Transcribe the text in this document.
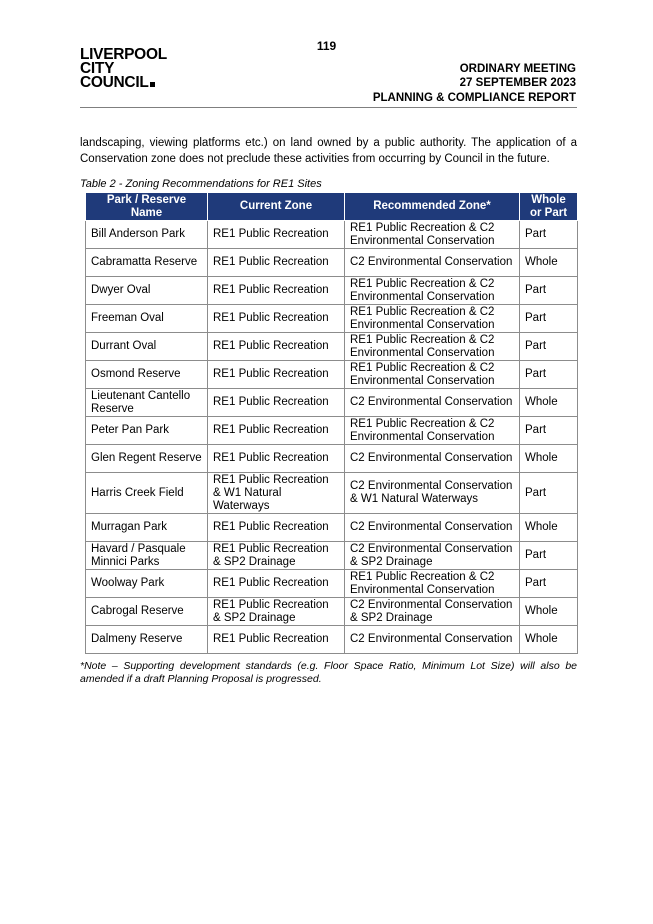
119
LIVERPOOL
CITY
COUNCIL
ORDINARY MEETING
27 SEPTEMBER 2023
PLANNING & COMPLIANCE REPORT
landscaping, viewing platforms etc.) on land owned by a public authority. The application of a Conservation zone does not preclude these activities from occurring by Council in the future.
Table 2 - Zoning Recommendations for RE1 Sites
Park / Reserve Name	Current Zone	Recommended Zone*	Whole or Part
Bill Anderson Park	RE1 Public Recreation	RE1 Public Recreation & C2 Environmental Conservation	Part
Cabramatta Reserve	RE1 Public Recreation	C2 Environmental Conservation	Whole
Dwyer Oval	RE1 Public Recreation	RE1 Public Recreation & C2 Environmental Conservation	Part
Freeman Oval	RE1 Public Recreation	RE1 Public Recreation & C2 Environmental Conservation	Part
Durrant Oval	RE1 Public Recreation	RE1 Public Recreation & C2 Environmental Conservation	Part
Osmond Reserve	RE1 Public Recreation	RE1 Public Recreation & C2 Environmental Conservation	Part
Lieutenant Cantello Reserve	RE1 Public Recreation	C2 Environmental Conservation	Whole
Peter Pan Park	RE1 Public Recreation	RE1 Public Recreation & C2 Environmental Conservation	Part
Glen Regent Reserve	RE1 Public Recreation	C2 Environmental Conservation	Whole
Harris Creek Field	RE1 Public Recreation & W1 Natural Waterways	C2 Environmental Conservation & W1 Natural Waterways	Part
Murragan Park	RE1 Public Recreation	C2 Environmental Conservation	Whole
Havard / Pasquale Minnici Parks	RE1 Public Recreation & SP2 Drainage	C2 Environmental Conservation & SP2 Drainage	Part
Woolway Park	RE1 Public Recreation	RE1 Public Recreation & C2 Environmental Conservation	Part
Cabrogal Reserve	RE1 Public Recreation & SP2 Drainage	C2 Environmental Conservation & SP2 Drainage	Whole
Dalmeny Reserve	RE1 Public Recreation	C2 Environmental Conservation	Whole
*Note – Supporting development standards (e.g. Floor Space Ratio, Minimum Lot Size) will also be amended if a draft Planning Proposal is progressed.
